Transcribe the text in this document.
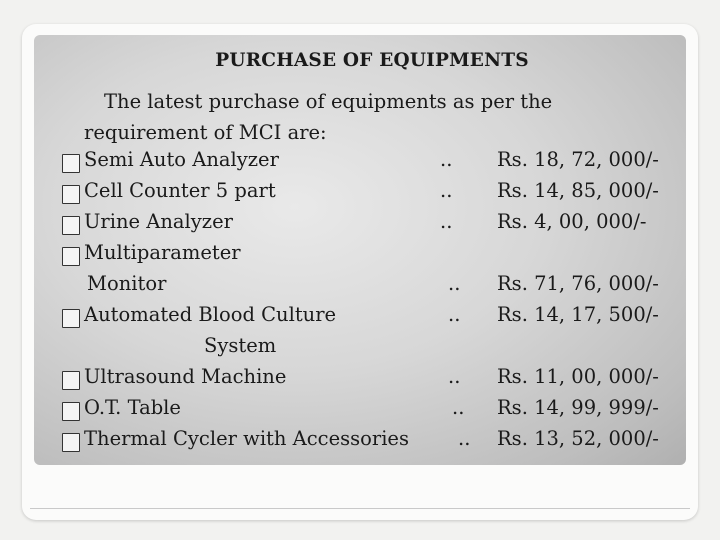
PURCHASE OF EQUIPMENTS
The latest purchase of equipments as per the
requirement of MCI are:
Semi Auto Analyzer	.. Rs. 18, 72, 000/-
Cell Counter 5 part	.. Rs. 14, 85, 000/-
Urine Analyzer	.. Rs. 4, 00, 000/-
Multiparameter
Monitor	.. Rs. 71, 76, 000/-
Automated Blood Culture	.. Rs. 14, 17, 500/-
System
Ultrasound Machine	.. Rs. 11, 00, 000/-
O.T. Table	.. Rs. 14, 99, 999/-
Thermal Cycler with Accessories	.. Rs. 13, 52, 000/-
